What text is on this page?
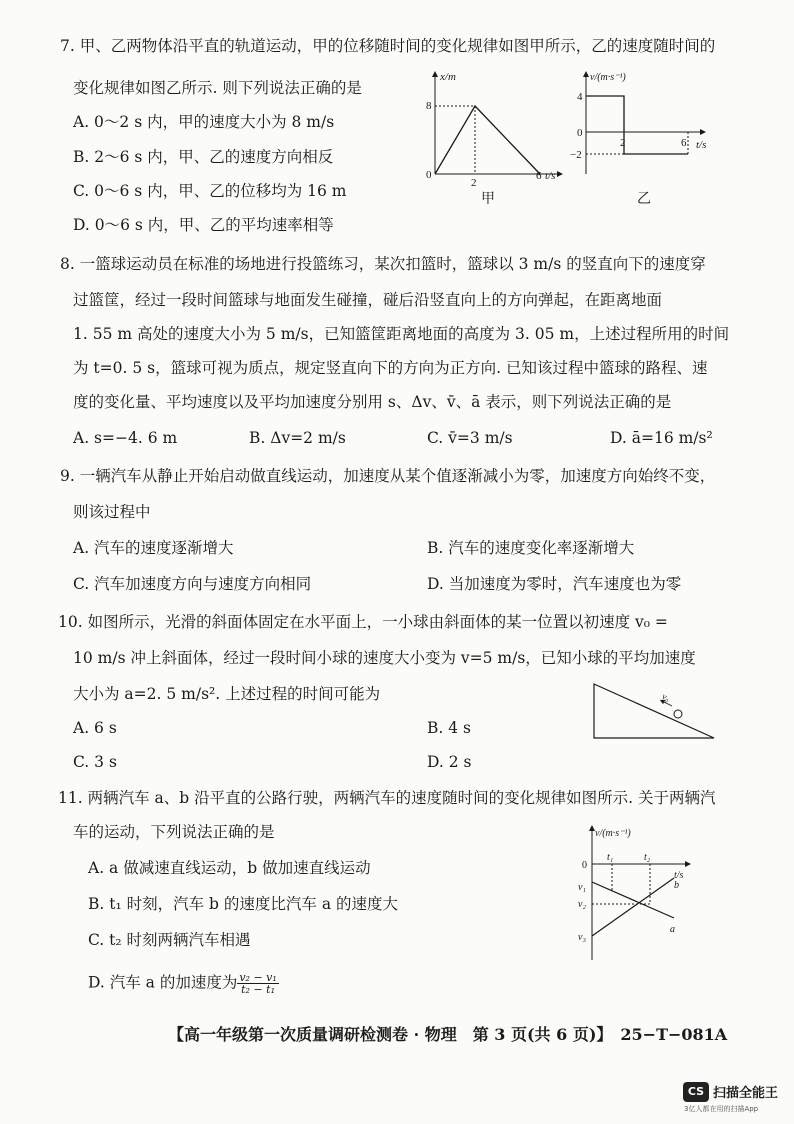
7. 甲、乙两物体沿平直的轨道运动，甲的位移随时间的变化规律如图甲所示，乙的速度随时间的
变化规律如图乙所示. 则下列说法正确的是
A. 0～2 s 内，甲的速度大小为 8 m/s
B. 2～6 s 内，甲、乙的速度方向相反
C. 0～6 s 内，甲、乙的位移均为 16 m
D. 0～6 s 内，甲、乙的平均速率相等
x/m
t/s
8
0
2
6
甲
v/(m·s⁻¹)
t/s
4
0
−2
2	6
乙
8. 一篮球运动员在标准的场地进行投篮练习，某次扣篮时，篮球以 3 m/s 的竖直向下的速度穿
过篮筐，经过一段时间篮球与地面发生碰撞，碰后沿竖直向上的方向弹起，在距离地面
1. 55 m 高处的速度大小为 5 m/s，已知篮筐距离地面的高度为 3. 05 m，上述过程所用的时间
为 t=0. 5 s，篮球可视为质点，规定竖直向下的方向为正方向. 已知该过程中篮球的路程、速
度的变化量、平均速度以及平均加速度分别用 s、Δv、v̄、ā 表示，则下列说法正确的是
A. s=−4. 6 m	B. Δv=2 m/s	C. v̄=3 m/s	D. ā=16 m/s²
9. 一辆汽车从静止开始启动做直线运动，加速度从某个值逐渐减小为零，加速度方向始终不变，
则该过程中
A. 汽车的速度逐渐增大	B. 汽车的速度变化率逐渐增大
C. 汽车加速度方向与速度方向相同	D. 当加速度为零时，汽车速度也为零
10. 如图所示，光滑的斜面体固定在水平面上，一小球由斜面体的某一位置以初速度 v₀ =
10 m/s 冲上斜面体，经过一段时间小球的速度大小变为 v=5 m/s，已知小球的平均加速度
大小为 a=2. 5 m/s². 上述过程的时间可能为
A. 6 s	B. 4 s
C. 3 s	D. 2 s
v₀
11. 两辆汽车 a、b 沿平直的公路行驶，两辆汽车的速度随时间的变化规律如图所示. 关于两辆汽
车的运动，下列说法正确的是
A. a 做减速直线运动，b 做加速直线运动
B. t₁ 时刻，汽车 b 的速度比汽车 a 的速度大
C. t₂ 时刻两辆汽车相遇
D. 汽车 a 的加速度为 $\frac{\text{v₂ − v₁}}{\text{t₂ − t₁}}$
v/(m·s⁻¹)
t/s
0
t₁	t₂
v₁
v₂
v₃
a
b
【高一年级第一次质量调研检测卷 · 物理　第 3 页(共 6 页)】　25−T−081A
CS 扫描全能王
3亿人都在用的扫描App
